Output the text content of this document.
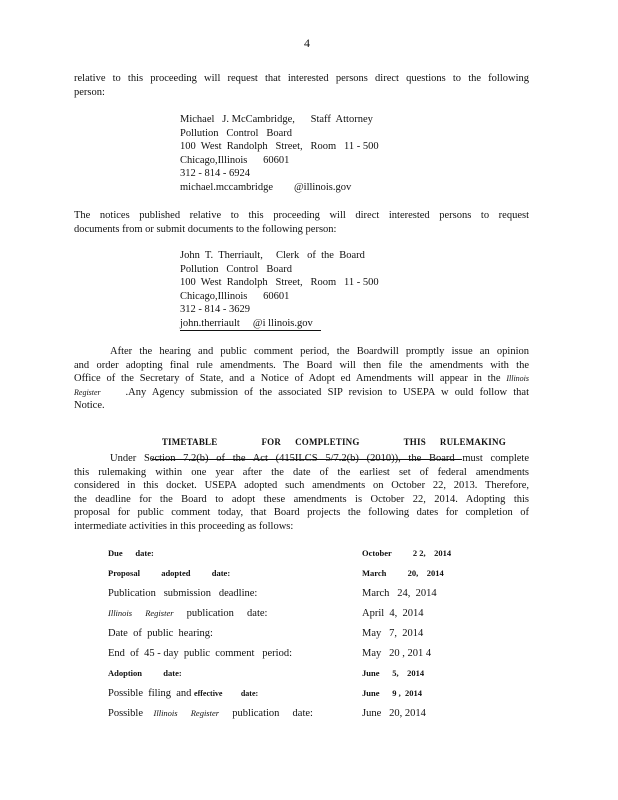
4
relative to this proceeding will request that interested persons direct questions to the following
person:
Michael   J. McCambridge,      Staff  Attorney
Pollution   Control   Board
100  West  Randolph   Street,   Room   11 - 500
Chicago,Illinois      60601
312 - 814 - 6924
michael.mccambridge        @illinois.gov
The notices published relative to this proceeding will direct interested persons to request
documents from or submit documents to the following person:
John  T.  Therriault,     Clerk   of  the  Board
Pollution   Control   Board
100  West  Randolph   Street,   Room   11 - 500
Chicago,Illinois      60601
312 - 814 - 3629
john.therriault     @i llinois.gov
After the hearing and public comment period, the Boardwill promptly issue an opinion
and order adopting final rule amendments. The Board will then file the amendments with the
Office of the Secretary of State, and a Notice of Adopt ed Amendments will appear in the Illinois
Register .Any Agency submission of the associated SIP revision to USEPA w ould follow that
Notice.

TIMETABLE	FOR COMPLETING	THIS RULEMAKING

Under Section 7.2(b) of the Act (415ILCS 5/7.2(b) (2010)), the Board must complete
this rulemaking within one year after the date of the earliest set of federal amendments
considered in this docket. USEPA adopted such amendments on October 22, 2013. Therefore,
the deadline for the Board to adopt these amendments is October 22, 2014. Adopting this
proposal for public comment today, that Board projects the following dates for completion of
intermediate activities in this proceeding as follows:
Due      date:	October          2 2,    2014
Proposal          adopted          date:	March          20,    2014
Publication   submission   deadline:	March   24,  2014
Illinois Register publication     date:	April  4,  2014
Date  of  public  hearing:	May   7,  2014
End  of  45 - day  public  comment   period:	May   20 , 201 4
Adoption          date:	June      5,    2014
Possible  filing  and effective date:	June      9 ,  2014
Possible Illinois Register publication     date:	June   20, 2014
